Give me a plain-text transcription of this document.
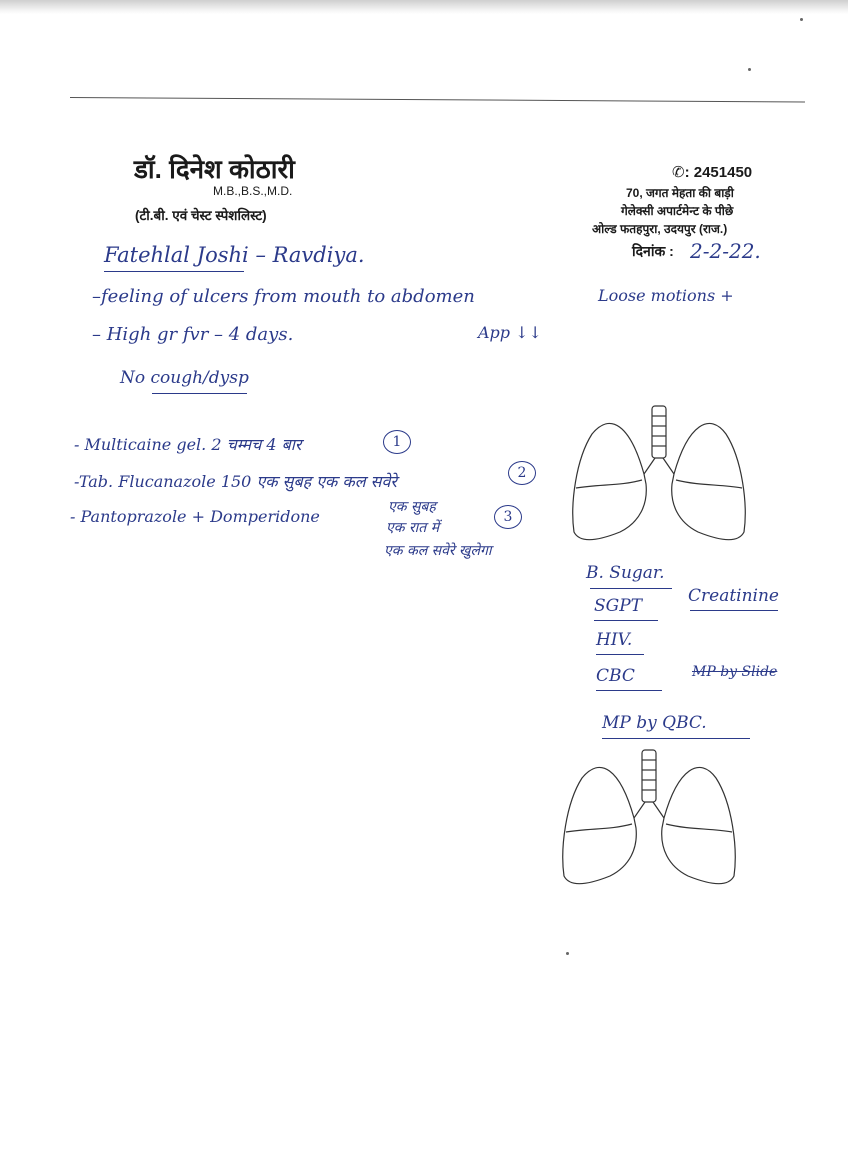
डॉ. दिनेश कोठारी
M.B.,B.S.,M.D.
(टी.बी. एवं चेस्ट स्पेशलिस्ट)
✆: 2451450
70, जगत मेहता की बाड़ी
गेलेक्सी अपार्टमेन्ट के पीछे
ओल्ड फतहपुरा, उदयपुर (राज.)
दिनांक :
Fatehlal Joshi – Ravdiya.	2-2-22.
–feeling of ulcers from mouth to abdomen	Loose motions +
– High gr fvr – 4 days.	App ↓↓
No cough/dysp
- Multicaine gel. 2 चम्मच 4 बार	1
-Tab. Flucanazole 150 एक सुबह एक कल सवेरे	2
- Pantoprazole + Domperidone	3
एक सुबह
एक रात में
एक कल सवेरे खुलेगा
B. Sugar.
SGPT	Creatinine
HIV.
CBC	MP by Slide
MP by QBC.
